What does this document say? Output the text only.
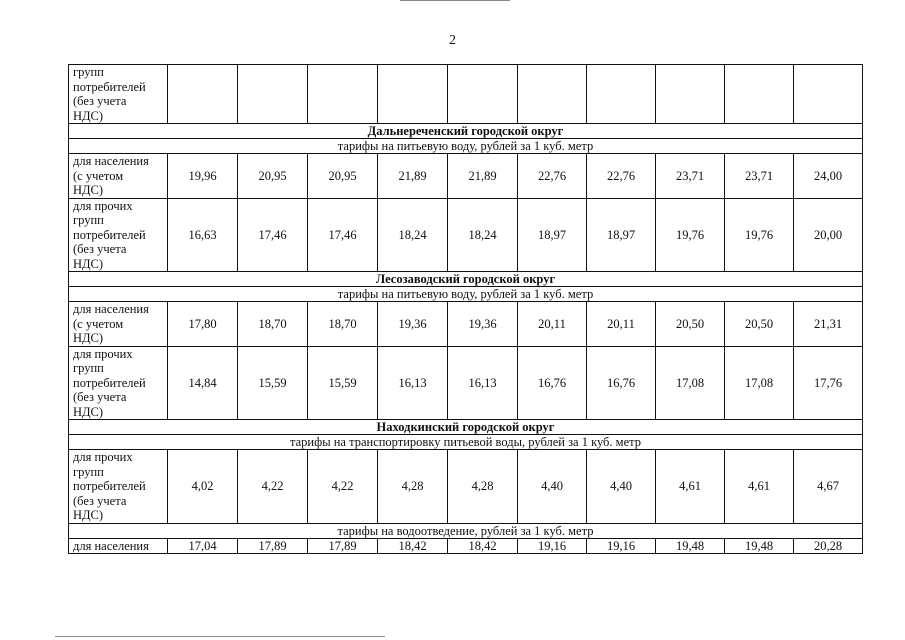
2
групп
потребителей
(без учета
НДС)										

Дальнереченский городской округ										
тарифы на питьевую воду, рублей за 1 куб. метр										

для населения
(с учетом
НДС)	19,96	20,95	20,95	21,89	21,89	22,76	22,76	23,71	23,71	24,00

для прочих
групп
потребителей
(без учета
НДС)	16,63	17,46	17,46	18,24	18,24	18,97	18,97	19,76	19,76	20,00
Лесозаводский городской округ										
тарифы на питьевую воду, рублей за 1 куб. метр										

для населения
(с учетом
НДС)	17,80	18,70	18,70	19,36	19,36	20,11	20,11	20,50	20,50	21,31

для прочих
групп
потребителей
(без учета
НДС)	14,84	15,59	15,59	16,13	16,13	16,76	16,76	17,08	17,08	17,76
Находкинский городской округ										
тарифы на транспортировку питьевой воды, рублей за 1 куб. метр										

для прочих
групп
потребителей
(без учета
НДС)	4,02	4,22	4,22	4,28	4,28	4,40	4,40	4,61	4,61	4,67
тарифы на водоотведение, рублей за 1 куб. метр										

для населения	17,04	17,89	17,89	18,42	18,42	19,16	19,16	19,48	19,48	20,28
